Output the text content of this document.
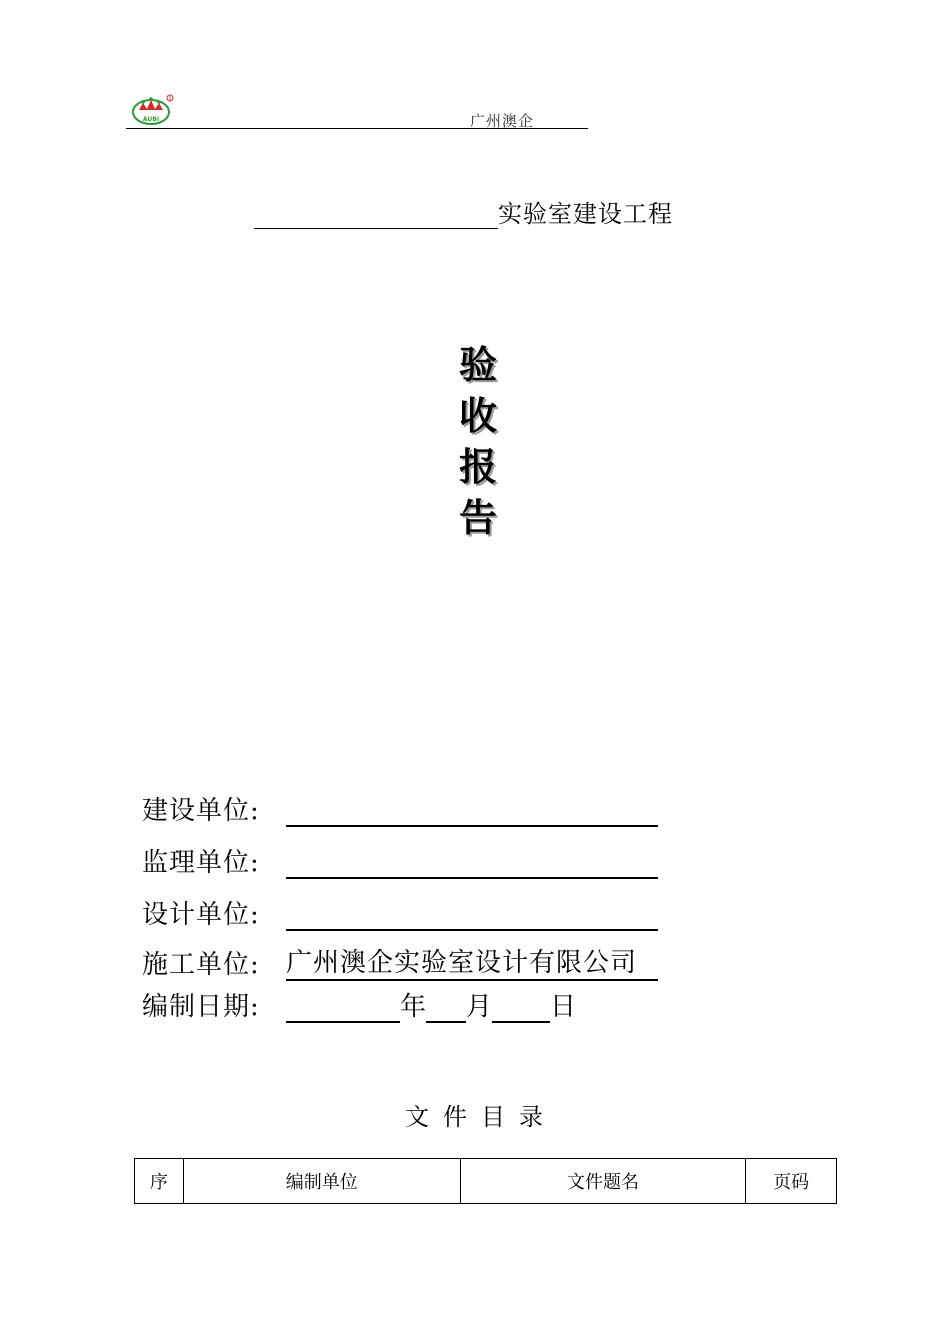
AUBI
R
广州澳企
实验室建设工程
验
收
报
告
建设单位:
监理单位:
设计单位:
施工单位:	广州澳企实验室设计有限公司
编制日期:	年 月 日
文件目录
序	编制单位	文件题名	页码
